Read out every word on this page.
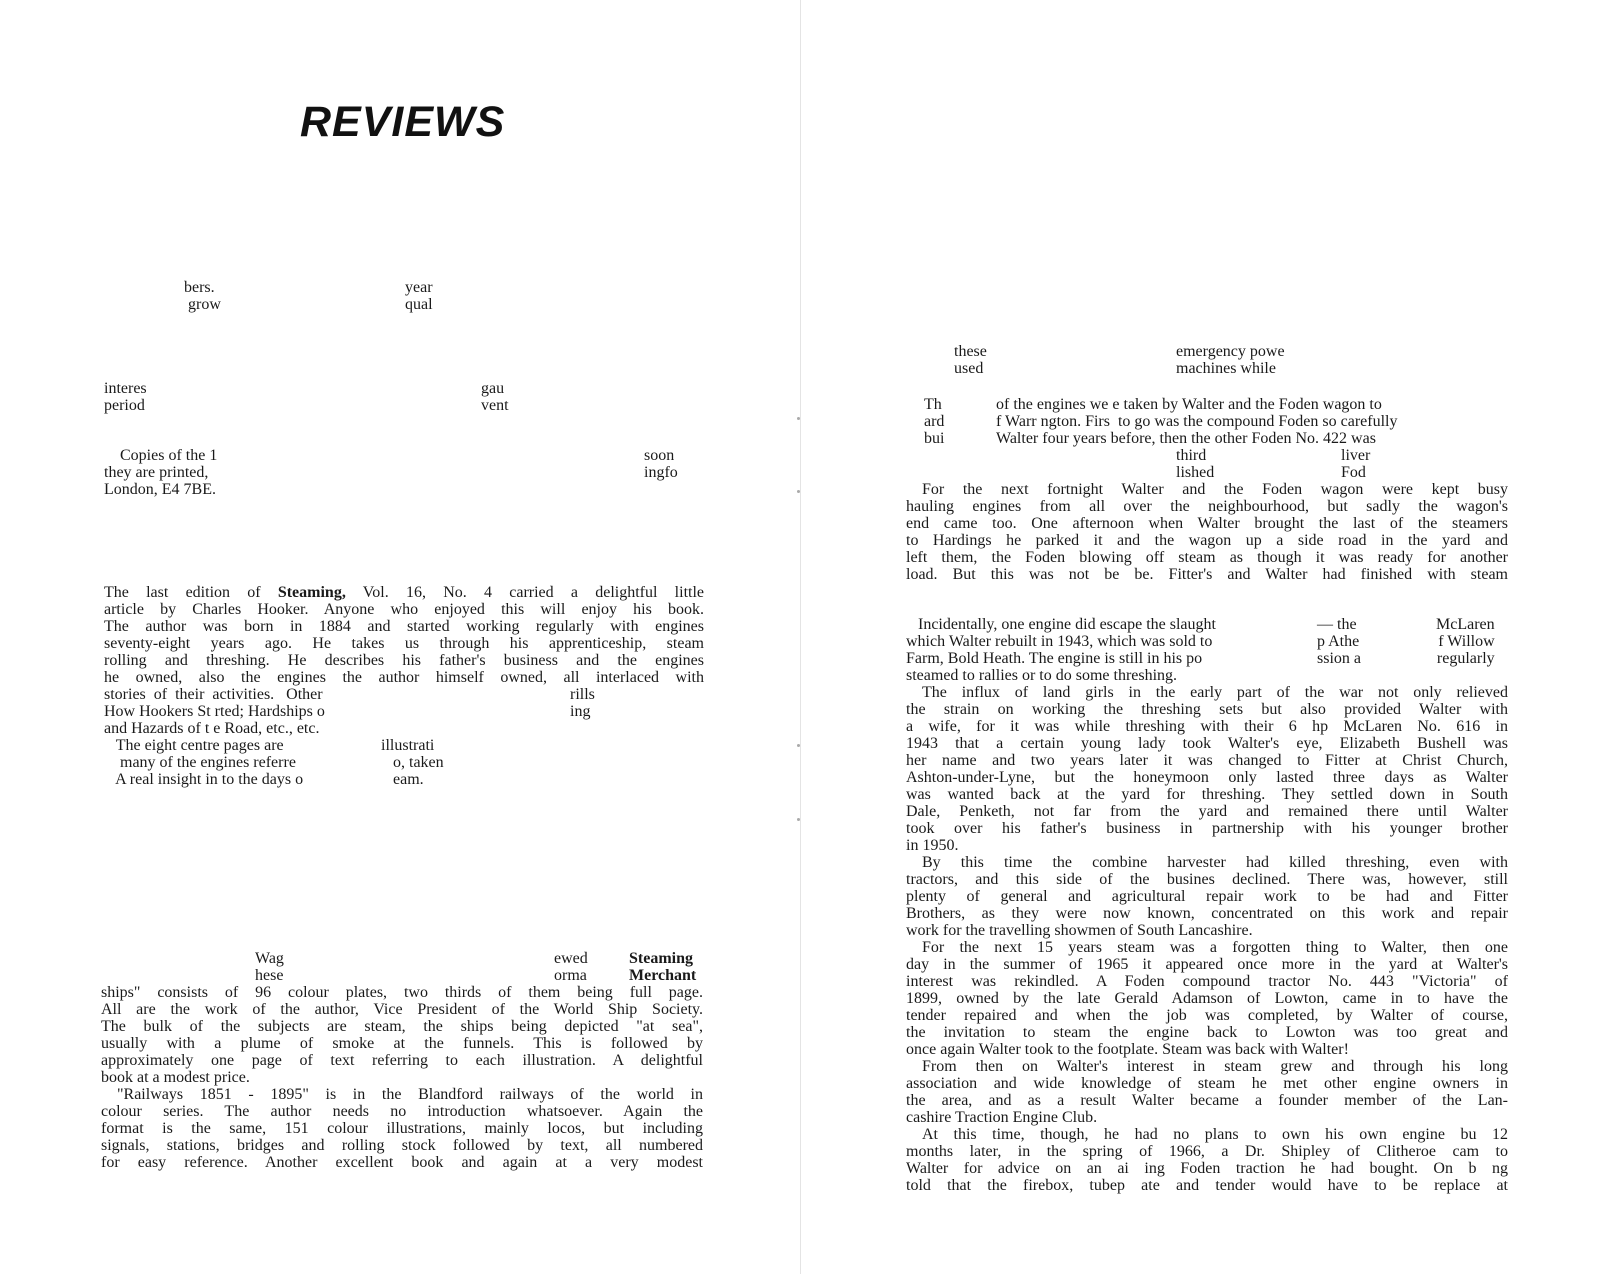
REVIEWS
bers.
grow
year
qual
interes
period
gau
vent
Copies of the 1
they are printed,
London, E4 7BE.
soon
ingfo
The last edition of Steaming, Vol. 16, No. 4 carried a delightful little
article by Charles Hooker. Anyone who enjoyed this will enjoy his book.
The author was born in 1884 and started working regularly with engines
seventy-eight years ago. He takes us through his apprenticeship, steam
rolling and threshing. He describes his father's business and the engines
he owned, also the engines the author himself owned, all interlaced with
stories  of  their  activities.   Other
How Hookers St rted; Hardships o
and Hazards of t e Road, etc., etc.
The eight centre pages are
many of the engines referre
A real insight in to the days o
rills
ing
illustrati
o, taken
eam.
Wag
hese
ewed
orma
Steaming
Merchant
ships" consists of 96 colour plates, two thirds of them being full page.
All are the work of the author, Vice President of the World Ship Society.
The bulk of the subjects are steam, the ships being depicted "at sea",
usually with a plume of smoke at the funnels. This is followed by
approximately one page of text referring to each illustration. A delightful
book at a modest price.
"Railways 1851 - 1895" is in the Blandford railways of the world in
colour series. The author needs no introduction whatsoever. Again the
format is the same, 151 colour illustrations, mainly locos, but including
signals, stations, bridges and rolling stock followed by text, all numbered
for easy reference. Another excellent book and again at a very modest
these
used
emergency powe
machines while
Th
ard
bui
of the engines we e taken by Walter and the Foden wagon to
f Warr ngton. Firs  to go was the compound Foden so carefully
Walter four years before, then the other Foden No. 422 was
third
lished
liver
Fod
For the next fortnight Walter and the Foden wagon were kept busy
hauling engines from all over the neighbourhood, but sadly the wagon's
end came too. One afternoon when Walter brought the last of the steamers
to Hardings he parked it and the wagon up a side road in the yard and
left them, the Foden blowing off steam as though it was ready for another
load. But this was not be be. Fitter's and Walter had finished with steam
Incidentally, one engine did escape the slaught
which Walter rebuilt in 1943, which was sold to
Farm, Bold Heath. The engine is still in his po
— the
p Athe
ssion a
McLaren
f Willow
regularly
steamed to rallies or to do some threshing.
The influx of land girls in the early part of the war not only relieved
the strain on working the threshing sets but also provided Walter with
a wife, for it was while threshing with their 6 hp McLaren No. 616 in
1943 that a certain young lady took Walter's eye, Elizabeth Bushell was
her name and two years later it was changed to Fitter at Christ Church,
Ashton-under-Lyne, but the honeymoon only lasted three days as Walter
was wanted back at the yard for threshing. They settled down in South
Dale, Penketh, not far from the yard and remained there until Walter
took over his father's business in partnership with his younger brother
in 1950.
By this time the combine harvester had killed threshing, even with
tractors, and this side of the busines declined. There was, however, still
plenty of general and agricultural repair work to be had and Fitter
Brothers, as they were now known, concentrated on this work and repair
work for the travelling showmen of South Lancashire.
For the next 15 years steam was a forgotten thing to Walter, then one
day in the summer of 1965 it appeared once more in the yard at Walter's
interest was rekindled. A Foden compound tractor No. 443 "Victoria" of
1899, owned by the late Gerald Adamson of Lowton, came in to have the
tender repaired and when the job was completed, by Walter of course,
the invitation to steam the engine back to Lowton was too great and
once again Walter took to the footplate. Steam was back with Walter!
From then on Walter's interest in steam grew and through his long
association and wide knowledge of steam he met other engine owners in
the area, and as a result Walter became a founder member of the Lan-
cashire Traction Engine Club.
At this time, though, he had no plans to own his own engine bu 12
months later, in the spring of 1966, a Dr. Shipley of Clitheroe cam to
Walter for advice on an ai ing Foden traction he had bought. On b ng
told that the firebox, tubep ate and tender would have to be replace at
